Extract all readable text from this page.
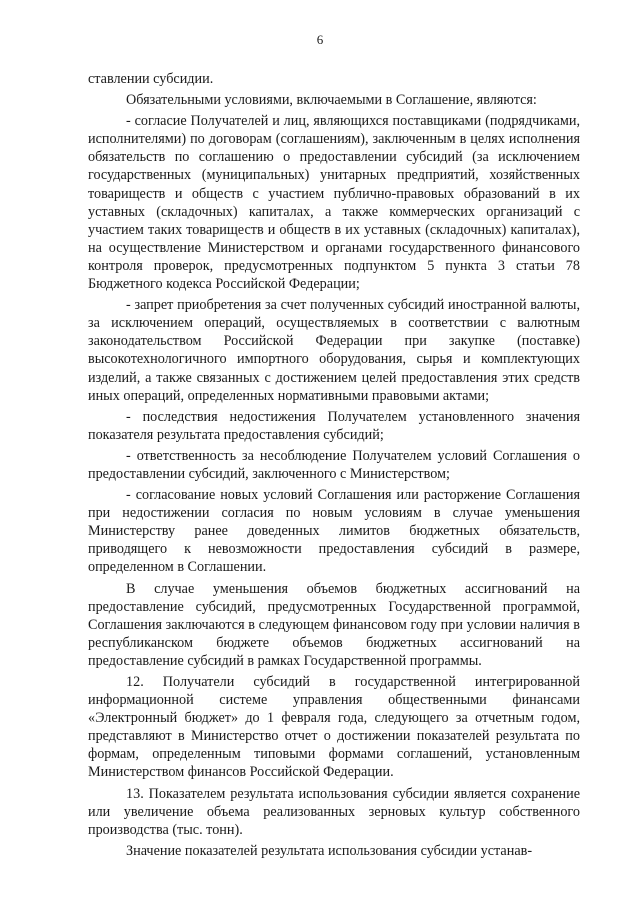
6

ставлении субсидии.

Обязательными условиями, включаемыми в Соглашение, являются:

- согласие Получателей и лиц, являющихся поставщиками (подрядчиками, исполнителями) по договорам (соглашениям), заключенным в целях исполнения обязательств по соглашению о предоставлении субсидий (за исключением государственных (муниципальных) унитарных предприятий, хозяйственных товариществ и обществ с участием публично-правовых образований в их уставных (складочных) капиталах, а также коммерческих организаций с участием таких товариществ и обществ в их уставных (складочных) капиталах), на осуществление Министерством и органами государственного финансового контроля проверок, предусмотренных подпунктом 5 пункта 3 статьи 78 Бюджетного кодекса Российской Федерации;

- запрет приобретения за счет полученных субсидий иностранной валюты, за исключением операций, осуществляемых в соответствии с валютным законодательством Российской Федерации при закупке (поставке) высокотехнологичного импортного оборудования, сырья и комплектующих изделий, а также связанных с достижением целей предоставления этих средств иных операций, определенных нормативными правовыми актами;

- последствия недостижения Получателем установленного значения показателя результата предоставления субсидий;

- ответственность за несоблюдение Получателем условий Соглашения о предоставлении субсидий, заключенного с Министерством;

- согласование новых условий Соглашения или расторжение Соглашения при недостижении согласия по новым условиям в случае уменьшения Министерству ранее доведенных лимитов бюджетных обязательств, приводящего к невозможности предоставления субсидий в размере, определенном в Соглашении.

В случае уменьшения объемов бюджетных ассигнований на предоставление субсидий, предусмотренных Государственной программой, Соглашения заключаются в следующем финансовом году при условии наличия в республиканском бюджете объемов бюджетных ассигнований на предоставление субсидий в рамках Государственной программы.

12. Получатели субсидий в государственной интегрированной информационной системе управления общественными финансами «Электронный бюджет» до 1 февраля года, следующего за отчетным годом, представляют в Министерство отчет о достижении показателей результата по формам, определенным типовыми формами соглашений, установленным Министерством финансов Российской Федерации.

13. Показателем результата использования субсидии является сохранение или увеличение объема реализованных зерновых культур собственного производства (тыс. тонн).

Значение показателей результата использования субсидии устанав-
